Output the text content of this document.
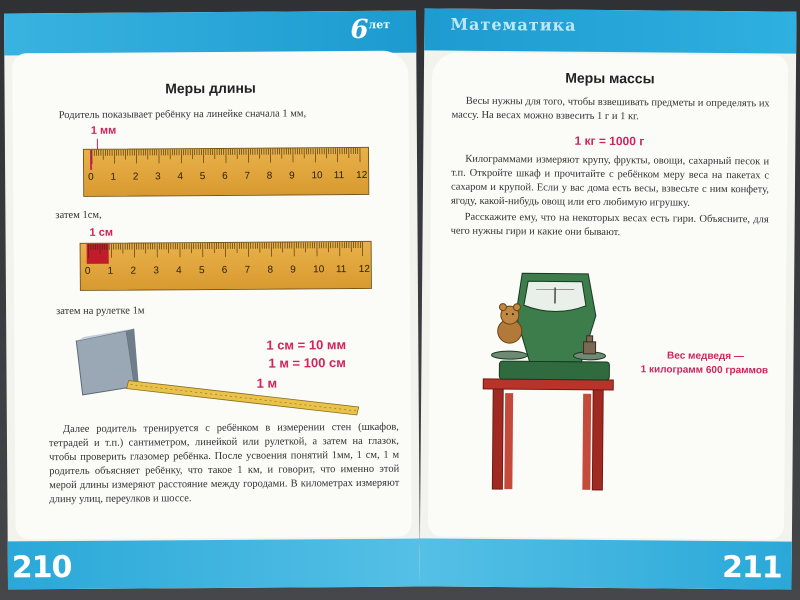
$6^{лет}$
210
Меры длины
Родитель показывает ребёнку на линейке сначала 1 мм,
1 мм
0 1 2 3 4 5 6 7 8 9 10 11 12
затем 1см,
1 см
0 1 2 3 4 5 6 7 8 9 10 11 12
затем на рулетке 1м
1 м
1 см = 10 мм
1 м = 100 см
Далее родитель тренируется с ребёнком в измерении стен (шкафов, тетрадей и т.п.) сантиметром, линейкой или рулеткой, а затем на глазок, чтобы проверить глазомер ребёнка. После усвоения понятий 1мм, 1 см, 1 м родитель объясняет ребёнку, что такое 1 км, и говорит, что именно этой мерой длины измеряют расстояние между городами. В километрах измеряют длину улиц, переулков и шоссе.
Математика
211
Меры массы
Весы нужны для того, чтобы взвешивать предметы и определять их массу. На весах можно взвесить 1 г и 1 кг.
1 кг = 1000 г
Килограммами измеряют крупу, фрукты, овощи, сахарный песок и т.п. Откройте шкаф и прочитайте с ребёнком меру веса на пакетах с сахаром и крупой. Если у вас дома есть весы, взвесьте с ним конфету, ягоду, какой-нибудь овощ или его любимую игрушку.
Расскажите ему, что на некоторых весах есть гири. Объясните, для чего нужны гири и какие они бывают.
Вес медведя —
1 килограмм 600 граммов
